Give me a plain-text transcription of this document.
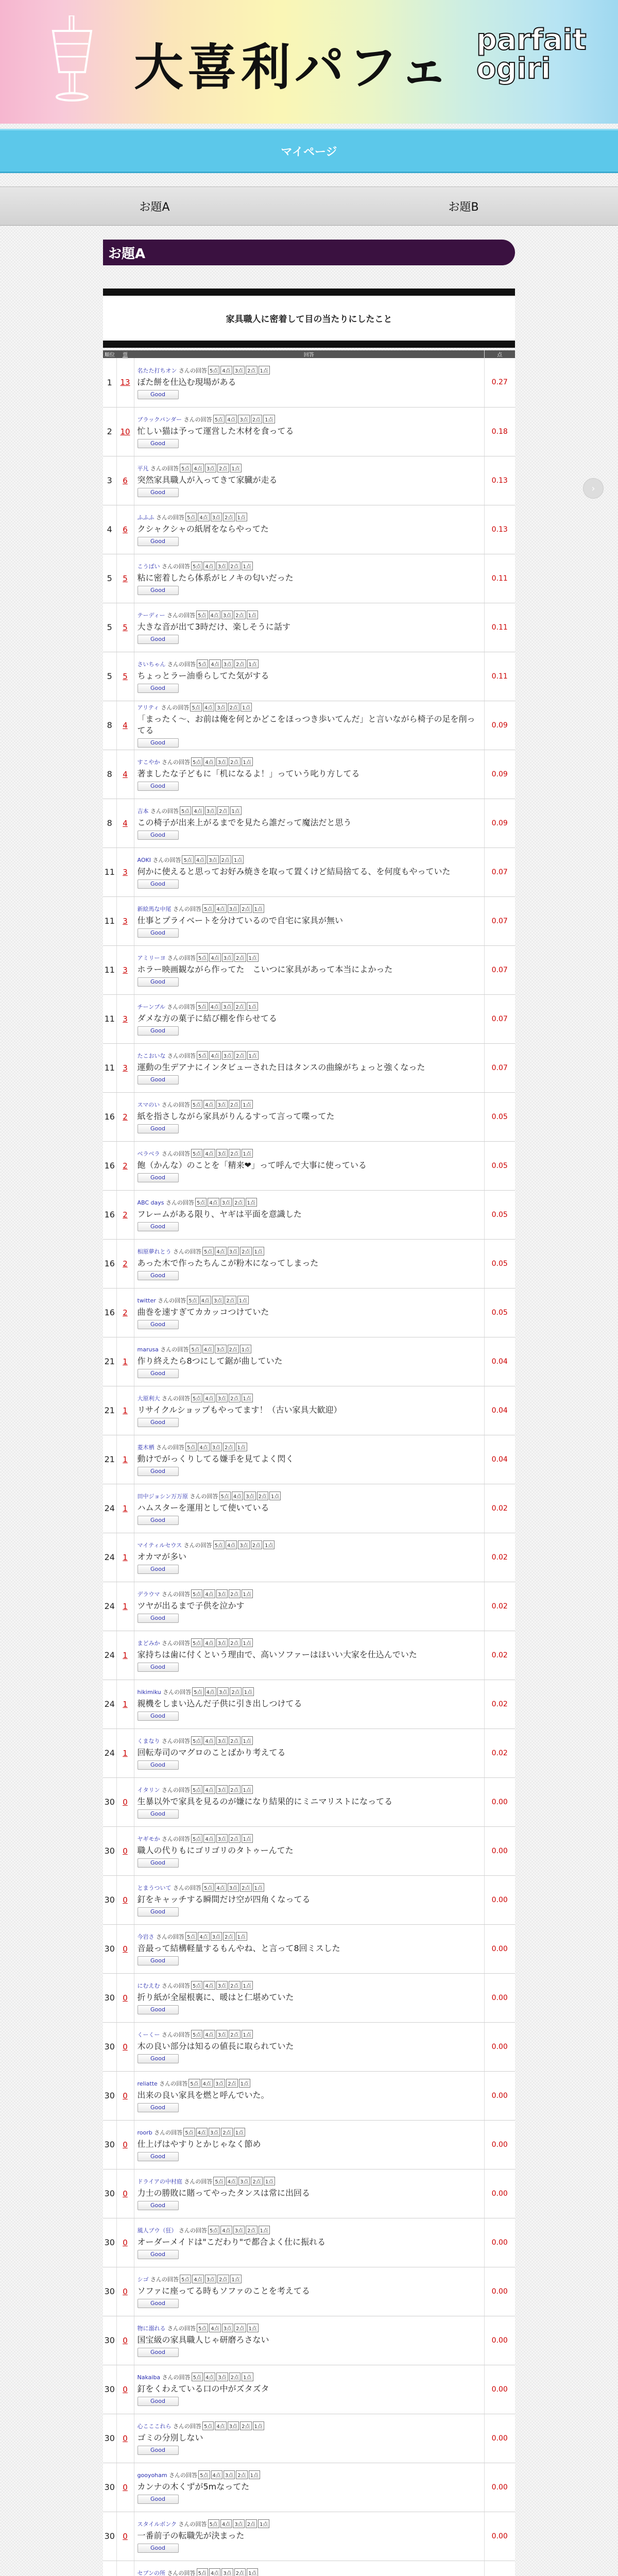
大喜利パフェ parfait
ogiri
マイページ
お題A	お題B
お題A
家具職人に密着して目の当たりにしたこと
順位	票	回答	点
1	13	名たた打ちオン さんの回答 5点 4点 3点 2点 1点
ぼた餅を仕込む現場がある
Good	0.27
2	10	ブラックパンダー さんの回答 5点 4点 3点 2点 1点
忙しい猫は予って運営した木材を食ってる
Good	0.18
3	6	平凡 さんの回答 5点 4点 3点 2点 1点
突然家具職人が入ってきて家臓が走る
Good	0.13
4	6	ふふふ さんの回答 5点 4点 3点 2点 1点
クシャクシャの紙屑をならやってた
Good	0.13
5	5	こうばい さんの回答 5点 4点 3点 2点 1点
粘に密着したら体系がヒノキの匂いだった
Good	0.11
5	5	テーディー さんの回答 5点 4点 3点 2点 1点
大きな音が出て3時だけ、楽しそうに話す
Good	0.11
5	5	さいちゃん さんの回答 5点 4点 3点 2点 1点
ちょっとラー油垂らしてた気がする
Good	0.11
8	4	アリティ さんの回答 5点 4点 3点 2点 1点
「まったく〜、お前は俺を何とかどこをほっつき歩いてんだ」と言いながら椅子の足を削ってる
Good	0.09
8	4	すこやか さんの回答 5点 4点 3点 2点 1点
著ましたな子どもに「机になるよ！」っていう叱り方してる
Good	0.09
8	4	吉本 さんの回答 5点 4点 3点 2点 1点
この椅子が出来上がるまでを見たら誰だって魔法だと思う
Good	0.09
11	3	AOKI さんの回答 5点 4点 3点 2点 1点
何かに使えると思ってお好み焼きを取って置くけど結局捨てる、を何度もやっていた
Good	0.07
11	3	新絵馬な中尾 さんの回答 5点 4点 3点 2点 1点
仕事とプライベートを分けているので自宅に家具が無い
Good	0.07
11	3	アミリーヨ さんの回答 5点 4点 3点 2点 1点
ホラー映画観ながら作ってた　こいつに家具があって本当によかった
Good	0.07
11	3	チーンブル さんの回答 5点 4点 3点 2点 1点
ダメな方の菓子に結び棚を作らせてる
Good	0.07
11	3	たこおいな さんの回答 5点 4点 3点 2点 1点
運動の生デアナにインタビューされた日はタンスの曲線がちょっと強くなった
Good	0.07
16	2	スマのい さんの回答 5点 4点 3点 2点 1点
紙を指さしながら家具がりんるすって言って喋ってた
Good	0.05
16	2	ベラベラ さんの回答 5点 4点 3点 2点 1点
飽（かんな）のことを「精来❤」って呼んで大事に使っている
Good	0.05
16	2	ABC days さんの回答 5点 4点 3点 2点 1点
フレームがある限り、ヤギは平面を意識した
Good	0.05
16	2	相原夢れとう さんの回答 5点 4点 3点 2点 1点
あった木で作ったちんこが粉木になってしまった
Good	0.05
16	2	twitter さんの回答 5点 4点 3点 2点 1点
曲巻を速すぎてカカッコつけていた
Good	0.05
21	1	marusa さんの回答 5点 4点 3点 2点 1点
作り終えたら8つにして鋸が曲していた
Good	0.04
21	1	大原利大 さんの回答 5点 4点 3点 2点 1点
リサイクルショップもやってます！（古い家具大歓迎）
Good	0.04
21	1	菱木栖 さんの回答 5点 4点 3点 2点 1点
動けでがっくりしてる嫌手を見てよく閃く
Good	0.04
24	1	田中ジョシン万万原 さんの回答 5点 4点 3点 2点 1点
ハムスターを運用として使いている
Good	0.02
24	1	マイティルセウス さんの回答 5点 4点 3点 2点 1点
オカマが多い
Good	0.02
24	1	デラウマ さんの回答 5点 4点 3点 2点 1点
ツヤが出るまで子供を泣かす
Good	0.02
24	1	まどみか さんの回答 5点 4点 3点 2点 1点
家持ちは歯に付くという理由で、高いソファーはほいい大家を仕込んでいた
Good	0.02
24	1	hikimiku さんの回答 5点 4点 3点 2点 1点
親機をしまい込んだ子供に引き出しつけてる
Good	0.02
24	1	くまなり さんの回答 5点 4点 3点 2点 1点
回転寿司のマグロのことばかり考えてる
Good	0.02
30	0	イタリン さんの回答 5点 4点 3点 2点 1点
生暴以外で家具を見るのが嫌になり結果的にミニマリストになってる
Good	0.00
30	0	ヤギモか さんの回答 5点 4点 3点 2点 1点
職人の代りもにゴリゴリのタトゥーんてた
Good	0.00
30	0	とまうついて さんの回答 5点 4点 3点 2点 1点
釘をキャッチする瞬間だけ空が四角くなってる
Good	0.00
30	0	今岩さ さんの回答 5点 4点 3点 2点 1点
音最って結構軽量するもんやね、と言って8回ミスした
Good	0.00
30	0	にむえむ さんの回答 5点 4点 3点 2点 1点
折り紙が全屋根裏に、暖はと仁堪めていた
Good	0.00
30	0	くーくー さんの回答 5点 4点 3点 2点 1点
木の良い部分は知るの値長に取られていた
Good	0.00
30	0	reliatte さんの回答 5点 4点 3点 2点 1点
出来の良い家具を燃と呼んでいた。
Good	0.00
30	0	roorb さんの回答 5点 4点 3点 2点 1点
仕上げはやすりとかじゃなく節め
Good	0.00
30	0	ドライアの中村庭 さんの回答 5点 4点 3点 2点 1点
力士の勝敗に賭ってやったタンスは常に出回る
Good	0.00
30	0	風人ブウ（狂） さんの回答 5点 4点 3点 2点 1点
オーダーメイドは"こだわり"で都合よく仕に振れる
Good	0.00
30	0	シゴ さんの回答 5点 4点 3点 2点 1点
ソファに座ってる時もソファのことを考えてる
Good	0.00
30	0	物に溺れる さんの回答 5点 4点 3点 2点 1点
国宝級の家具職人じゃ研磨ろさない
Good	0.00
30	0	Nakaiba さんの回答 5点 4点 3点 2点 1点
釘をくわえている口の中がズタズタ
Good	0.00
30	0	心こここれら さんの回答 5点 4点 3点 2点 1点
ゴミの分別しない
Good	0.00
30	0	gooyoham さんの回答 5点 4点 3点 2点 1点
カンナの木くずが5mなってた
Good	0.00
30	0	スタイルボンク さんの回答 5点 4点 3点 2点 1点
一番前子の転職先が決まった
Good	0.00

セブンの所 さんの回答 5点 4点 3点 2点 1点

›
